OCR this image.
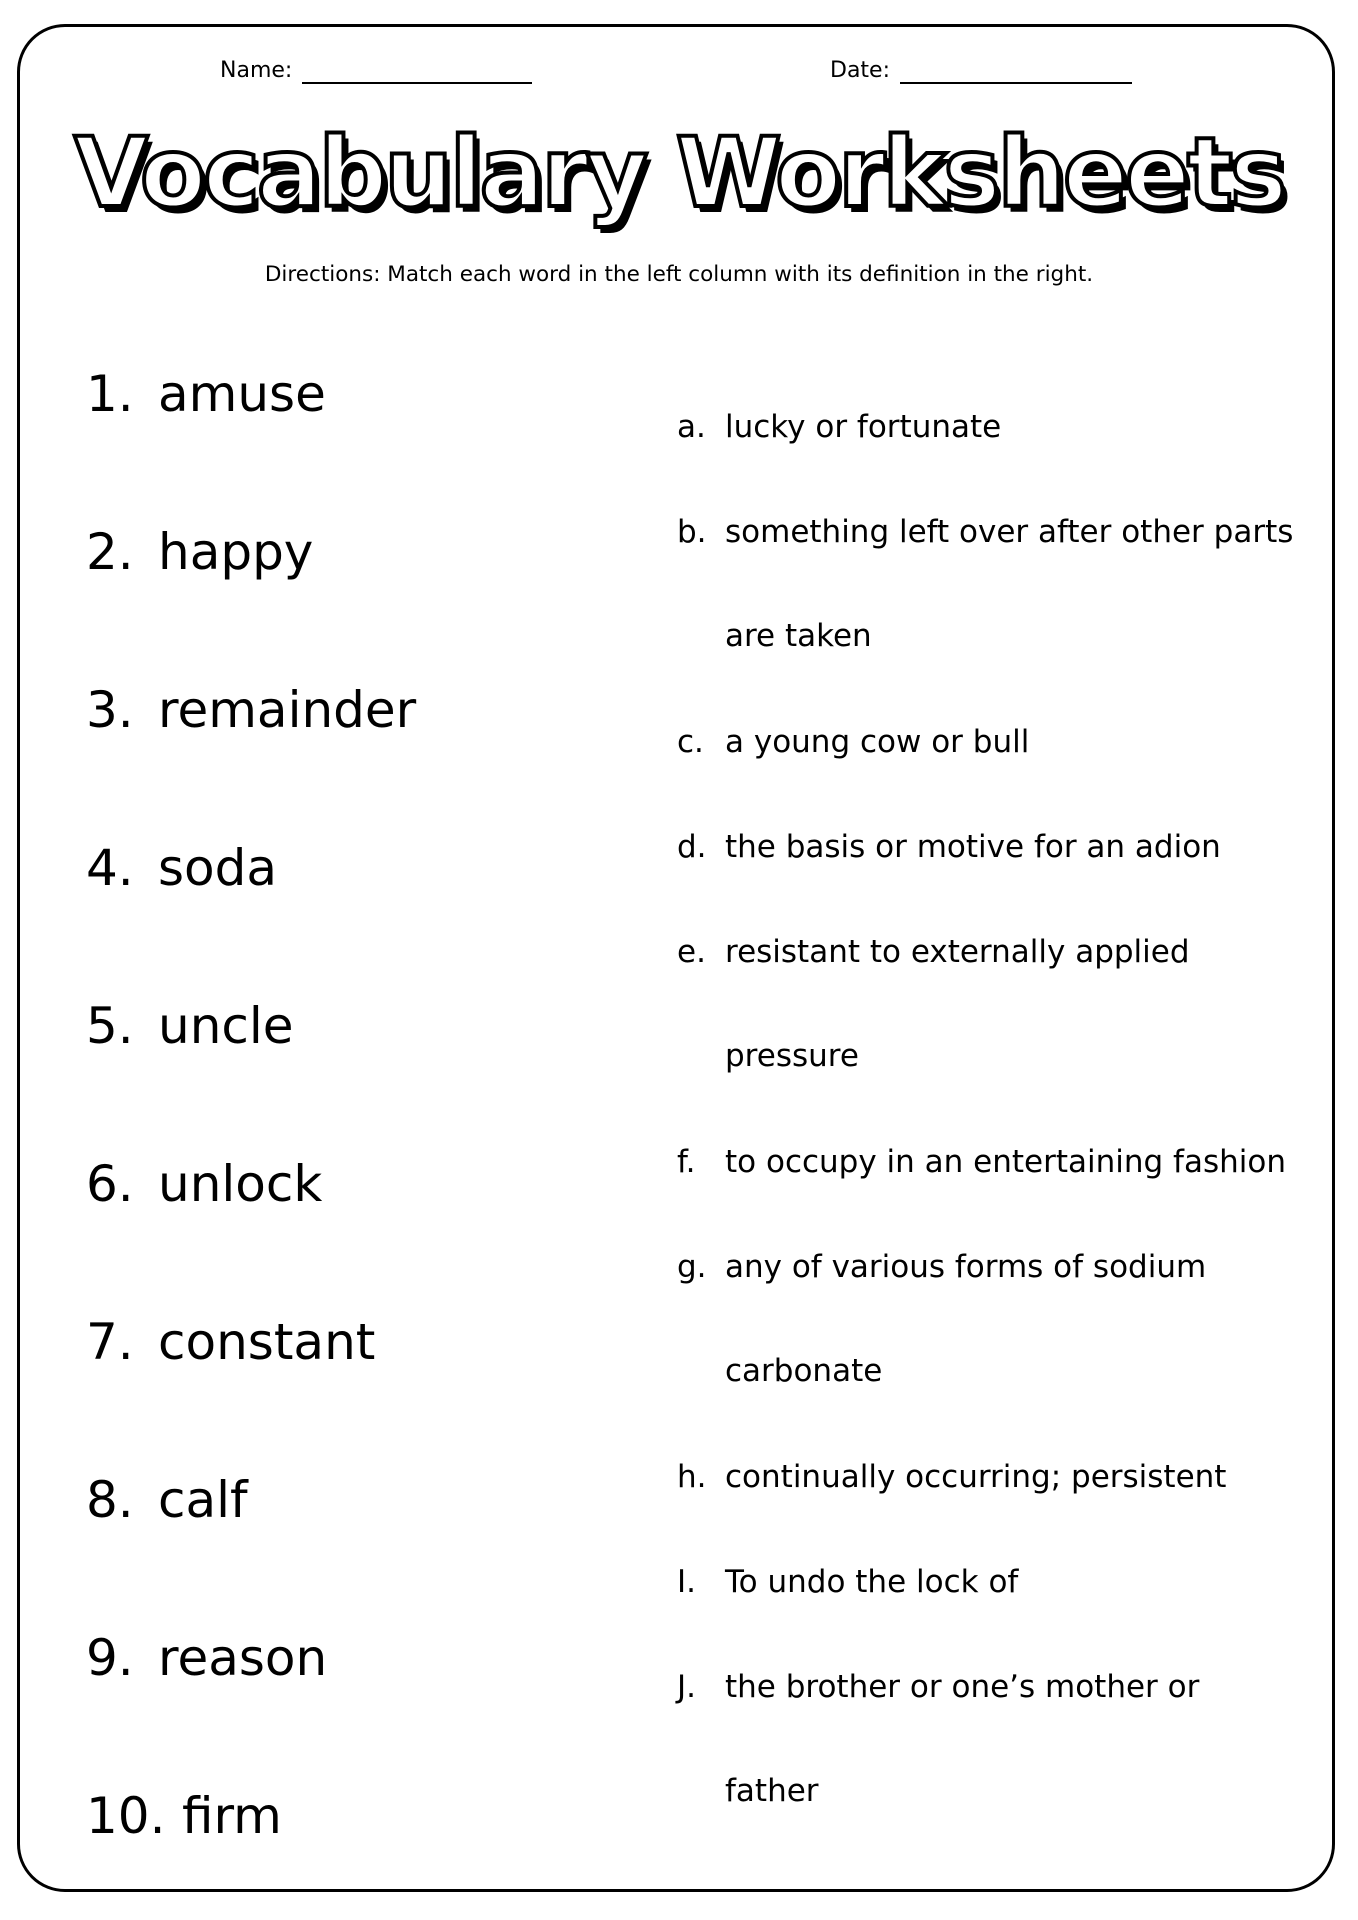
Name:	Date:
Vocabulary Worksheets
Directions: Match each word in the left column with its definition in the right.
1. amuse
2. happy
3. remainder
4. soda
5. uncle
6. unlock
7. constant
8. calf
9. reason
10. firm
a. lucky or fortunate
b. something left over after other parts are taken
c. a young cow or bull
d. the basis or motive for an adion
e. resistant to externally applied pressure
f. to occupy in an entertaining fashion
g. any of various forms of sodium carbonate
h. continually occurring; persistent
I. To undo the lock of
J. the brother or one’s mother or father
